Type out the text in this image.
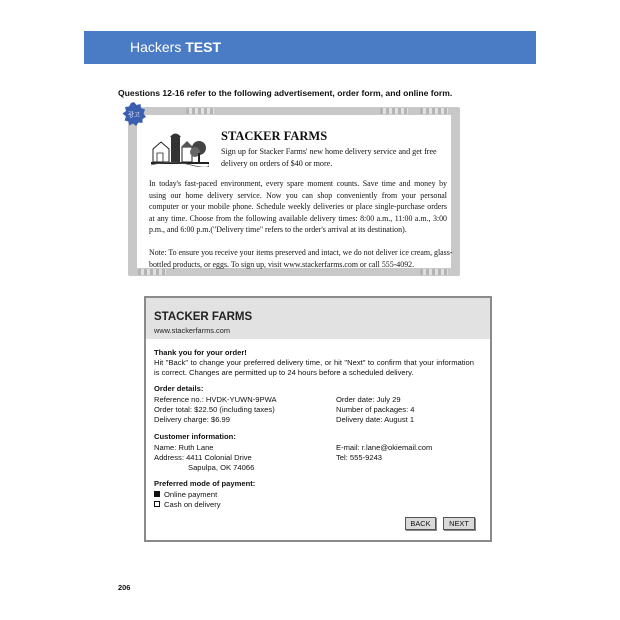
Hackers TEST
Questions 12-16 refer to the following advertisement, order form, and online form.
STACKER FARMS
Sign up for Stacker Farms' new home delivery service and get free delivery on orders of $40 or more.
In today's fast-paced environment, every spare moment counts. Save time and money by using our home delivery service. Now you can shop conveniently from your personal computer or your mobile phone. Schedule weekly deliveries or place single-purchase orders at any time. Choose from the following available delivery times: 8:00 a.m., 11:00 a.m., 3:00 p.m., and 6:00 p.m.("Delivery time" refers to the order's arrival at its destination).
Note: To ensure you receive your items preserved and intact, we do not deliver ice cream, glass-bottled products, or eggs. To sign up, visit www.stackerfarms.com or call 555-4092.
광고
STACKER FARMS
www.stackerfarms.com
Thank you for your order!
Hit "Back" to change your preferred delivery time, or hit "Next" to confirm that your information is correct. Changes are permitted up to 24 hours before a scheduled delivery.
Order details:
Reference no.: HVDK-YUWN-9PWA
Order total: $22.50 (including taxes)
Delivery charge: $6.99
Order date: July 29
Number of packages: 4
Delivery date: August 1
Customer information:
Name: Ruth Lane
Address: 4411 Colonial Drive
Sapulpa, OK 74066
E-mail: r.lane@okiemail.com
Tel: 555-9243
Preferred mode of payment:
Online payment
Cash on delivery
BACK	NEXT
206
